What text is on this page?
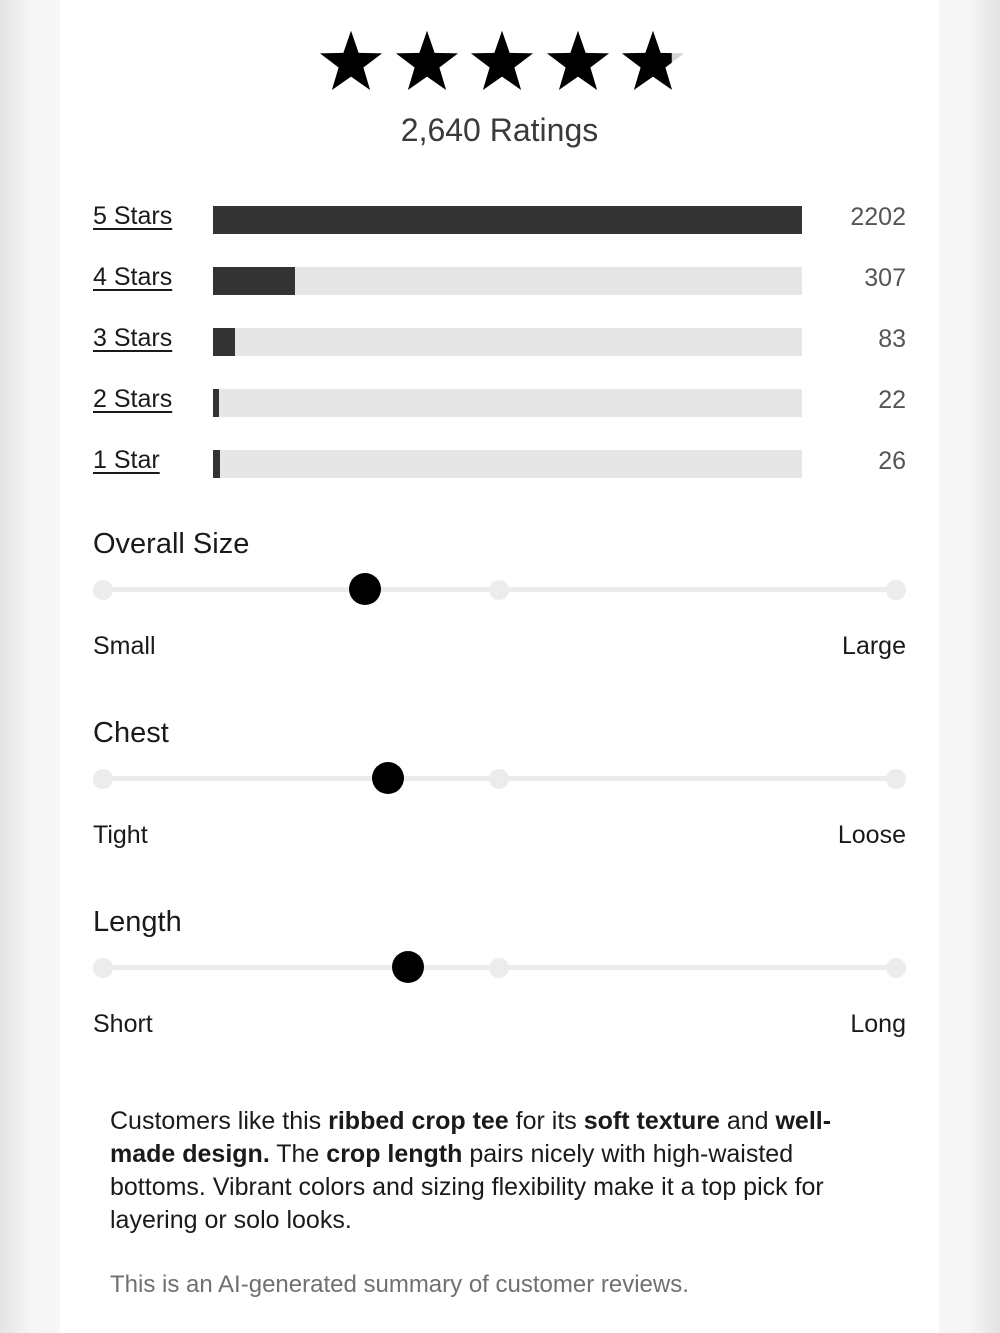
2,640 Ratings
5 Stars	2202
4 Stars	307
3 Stars	83
2 Stars	22
1 Star	26
Overall Size
Small	Large
Chest
Tight	Loose
Length
Short	Long

Customers like this ribbed crop tee for its soft texture and well-made design. The crop length pairs nicely with high-waisted bottoms. Vibrant colors and sizing flexibility make it a top pick for layering or solo looks.

This is an AI-generated summary of customer reviews.
